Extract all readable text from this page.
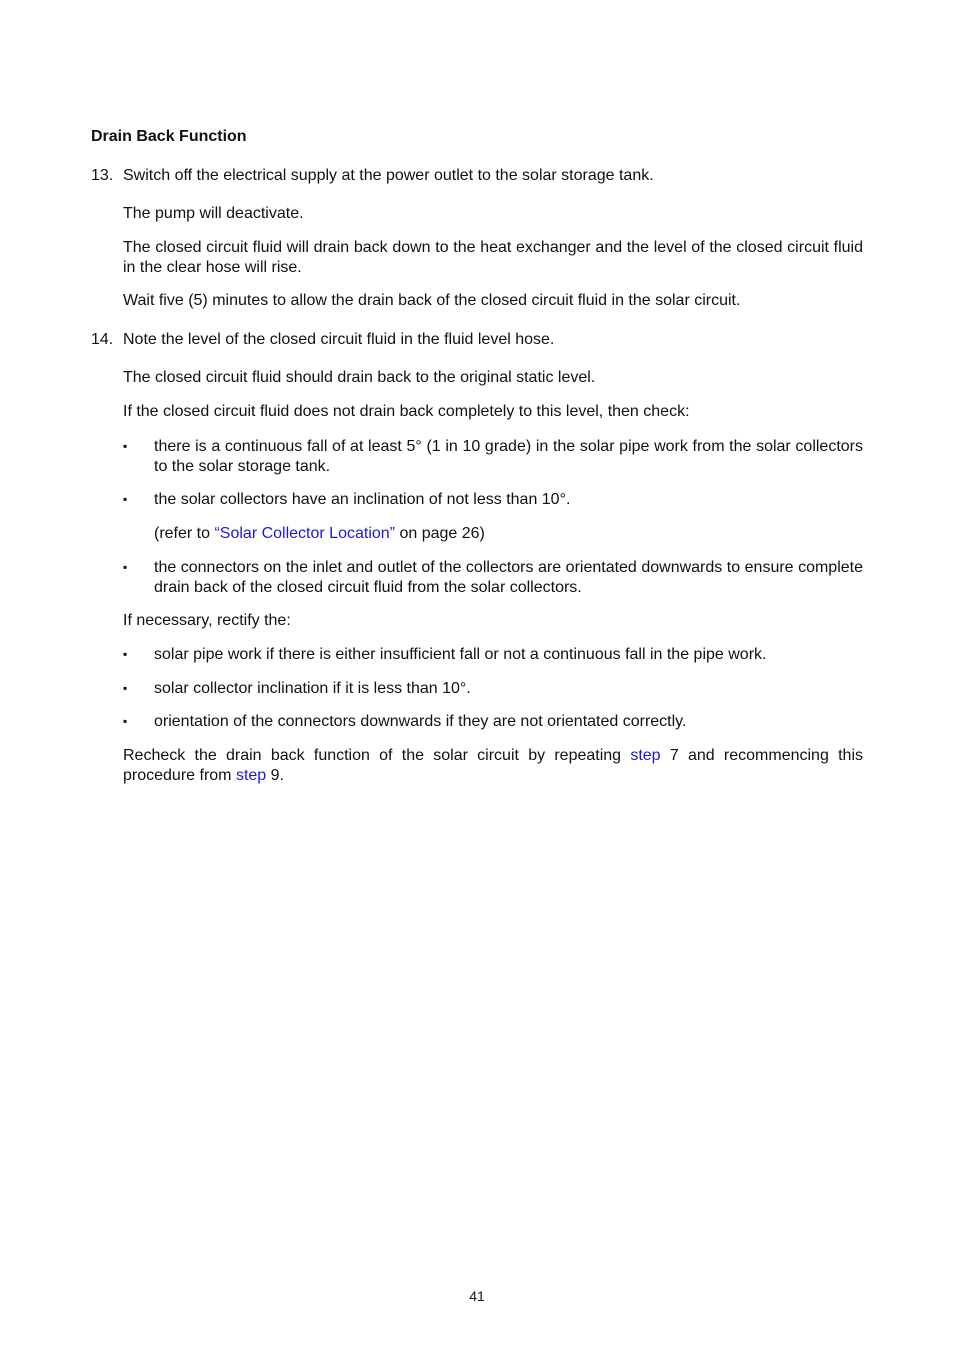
Drain Back Function
13. Switch off the electrical supply at the power outlet to the solar storage tank.
The pump will deactivate.
The closed circuit fluid will drain back down to the heat exchanger and the level of the closed circuit fluid in the clear hose will rise.
Wait five (5) minutes to allow the drain back of the closed circuit fluid in the solar circuit.
14. Note the level of the closed circuit fluid in the fluid level hose.
The closed circuit fluid should drain back to the original static level.
If the closed circuit fluid does not drain back completely to this level, then check:
▪ there is a continuous fall of at least 5° (1 in 10 grade) in the solar pipe work from the solar collectors to the solar storage tank.
▪ the solar collectors have an inclination of not less than 10°.
(refer to “Solar Collector Location” on page 26)
▪ the connectors on the inlet and outlet of the collectors are orientated downwards to ensure complete drain back of the closed circuit fluid from the solar collectors.
If necessary, rectify the:
▪ solar pipe work if there is either insufficient fall or not a continuous fall in the pipe work.
▪ solar collector inclination if it is less than 10°.
▪ orientation of the connectors downwards if they are not orientated correctly.
Recheck the drain back function of the solar circuit by repeating step 7 and recommencing this procedure from step 9.
41
